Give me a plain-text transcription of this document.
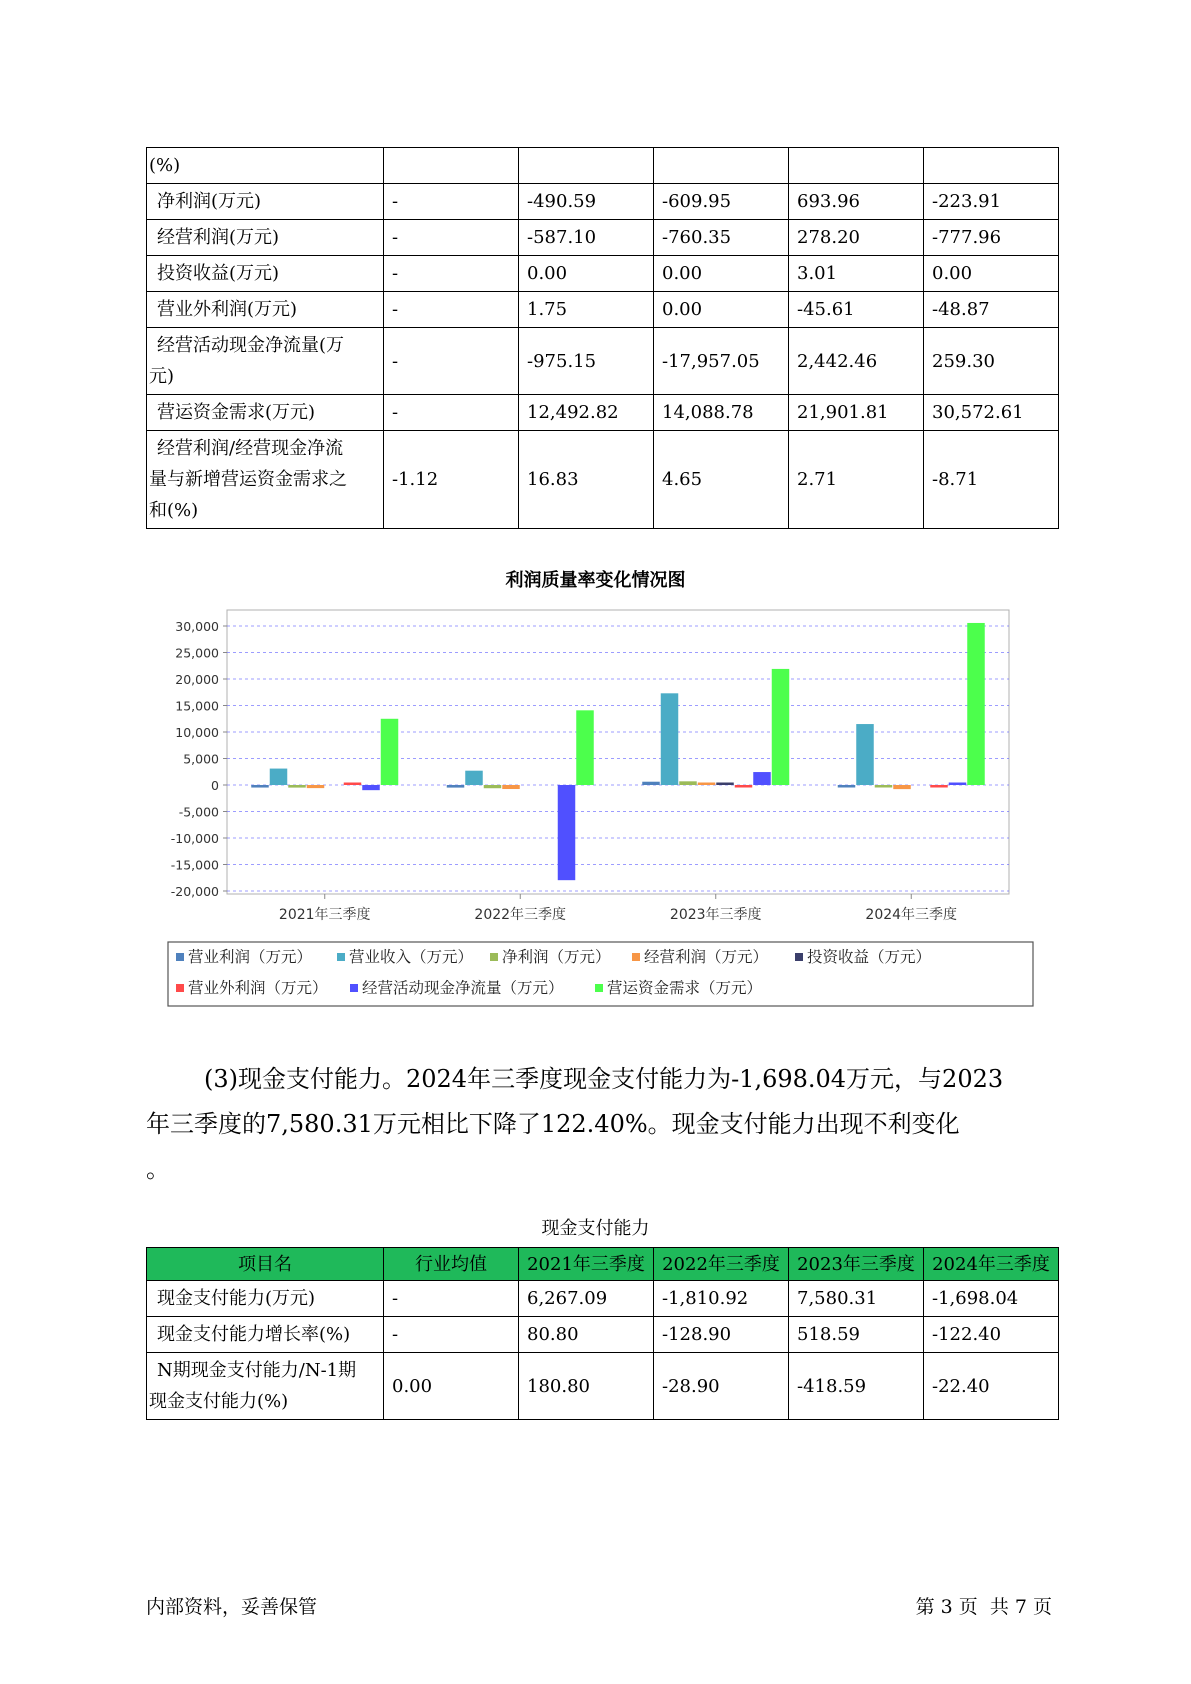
(%)					
净利润(万元)	-	-490.59	-609.95	693.96	-223.91
经营利润(万元)	-	-587.10	-760.35	278.20	-777.96
投资收益(万元)	-	0.00	0.00	3.01	0.00
营业外利润(万元)	-	1.75	0.00	-45.61	-48.87

经营活动现金净流量(万
元)	-	-975.15	-17,957.05	2,442.46	259.30
营运资金需求(万元)	-	12,492.82	14,088.78	21,901.81	30,572.61

经营利润/经营现金净流
量与新增营运资金需求之
和(%)	-1.12	16.83	4.65	2.71	-8.71
利润质量率变化情况图
30,000
25,000
20,000
15,000
10,000
5,000
0
-5,000
-10,000
-15,000
-20,000
2021年三季度	2022年三季度	2023年三季度	2024年三季度
营业利润（万元） 营业收入（万元） 净利润（万元） 经营利润（万元）	投资收益（万元）
营业外利润（万元） 经营活动现金净流量（万元）	营运资金需求（万元）
(3)现金支付能力。2024年三季度现金支付能力为-1,698.04万元，与2023
年三季度的7,580.31万元相比下降了122.40%。现金支付能力出现不利变化
。
现金支付能力
项目名	行业均值	2021年三季度	2022年三季度	2023年三季度	2024年三季度
现金支付能力(万元)	-	6,267.09	-1,810.92	7,580.31	-1,698.04
现金支付能力增长率(%)	-	80.80	-128.90	518.59	-122.40

N期现金支付能力/N-1期
现金支付能力(%)	0.00	180.80	-28.90	-418.59	-22.40
内部资料，妥善保管	第 3 页  共 7 页
